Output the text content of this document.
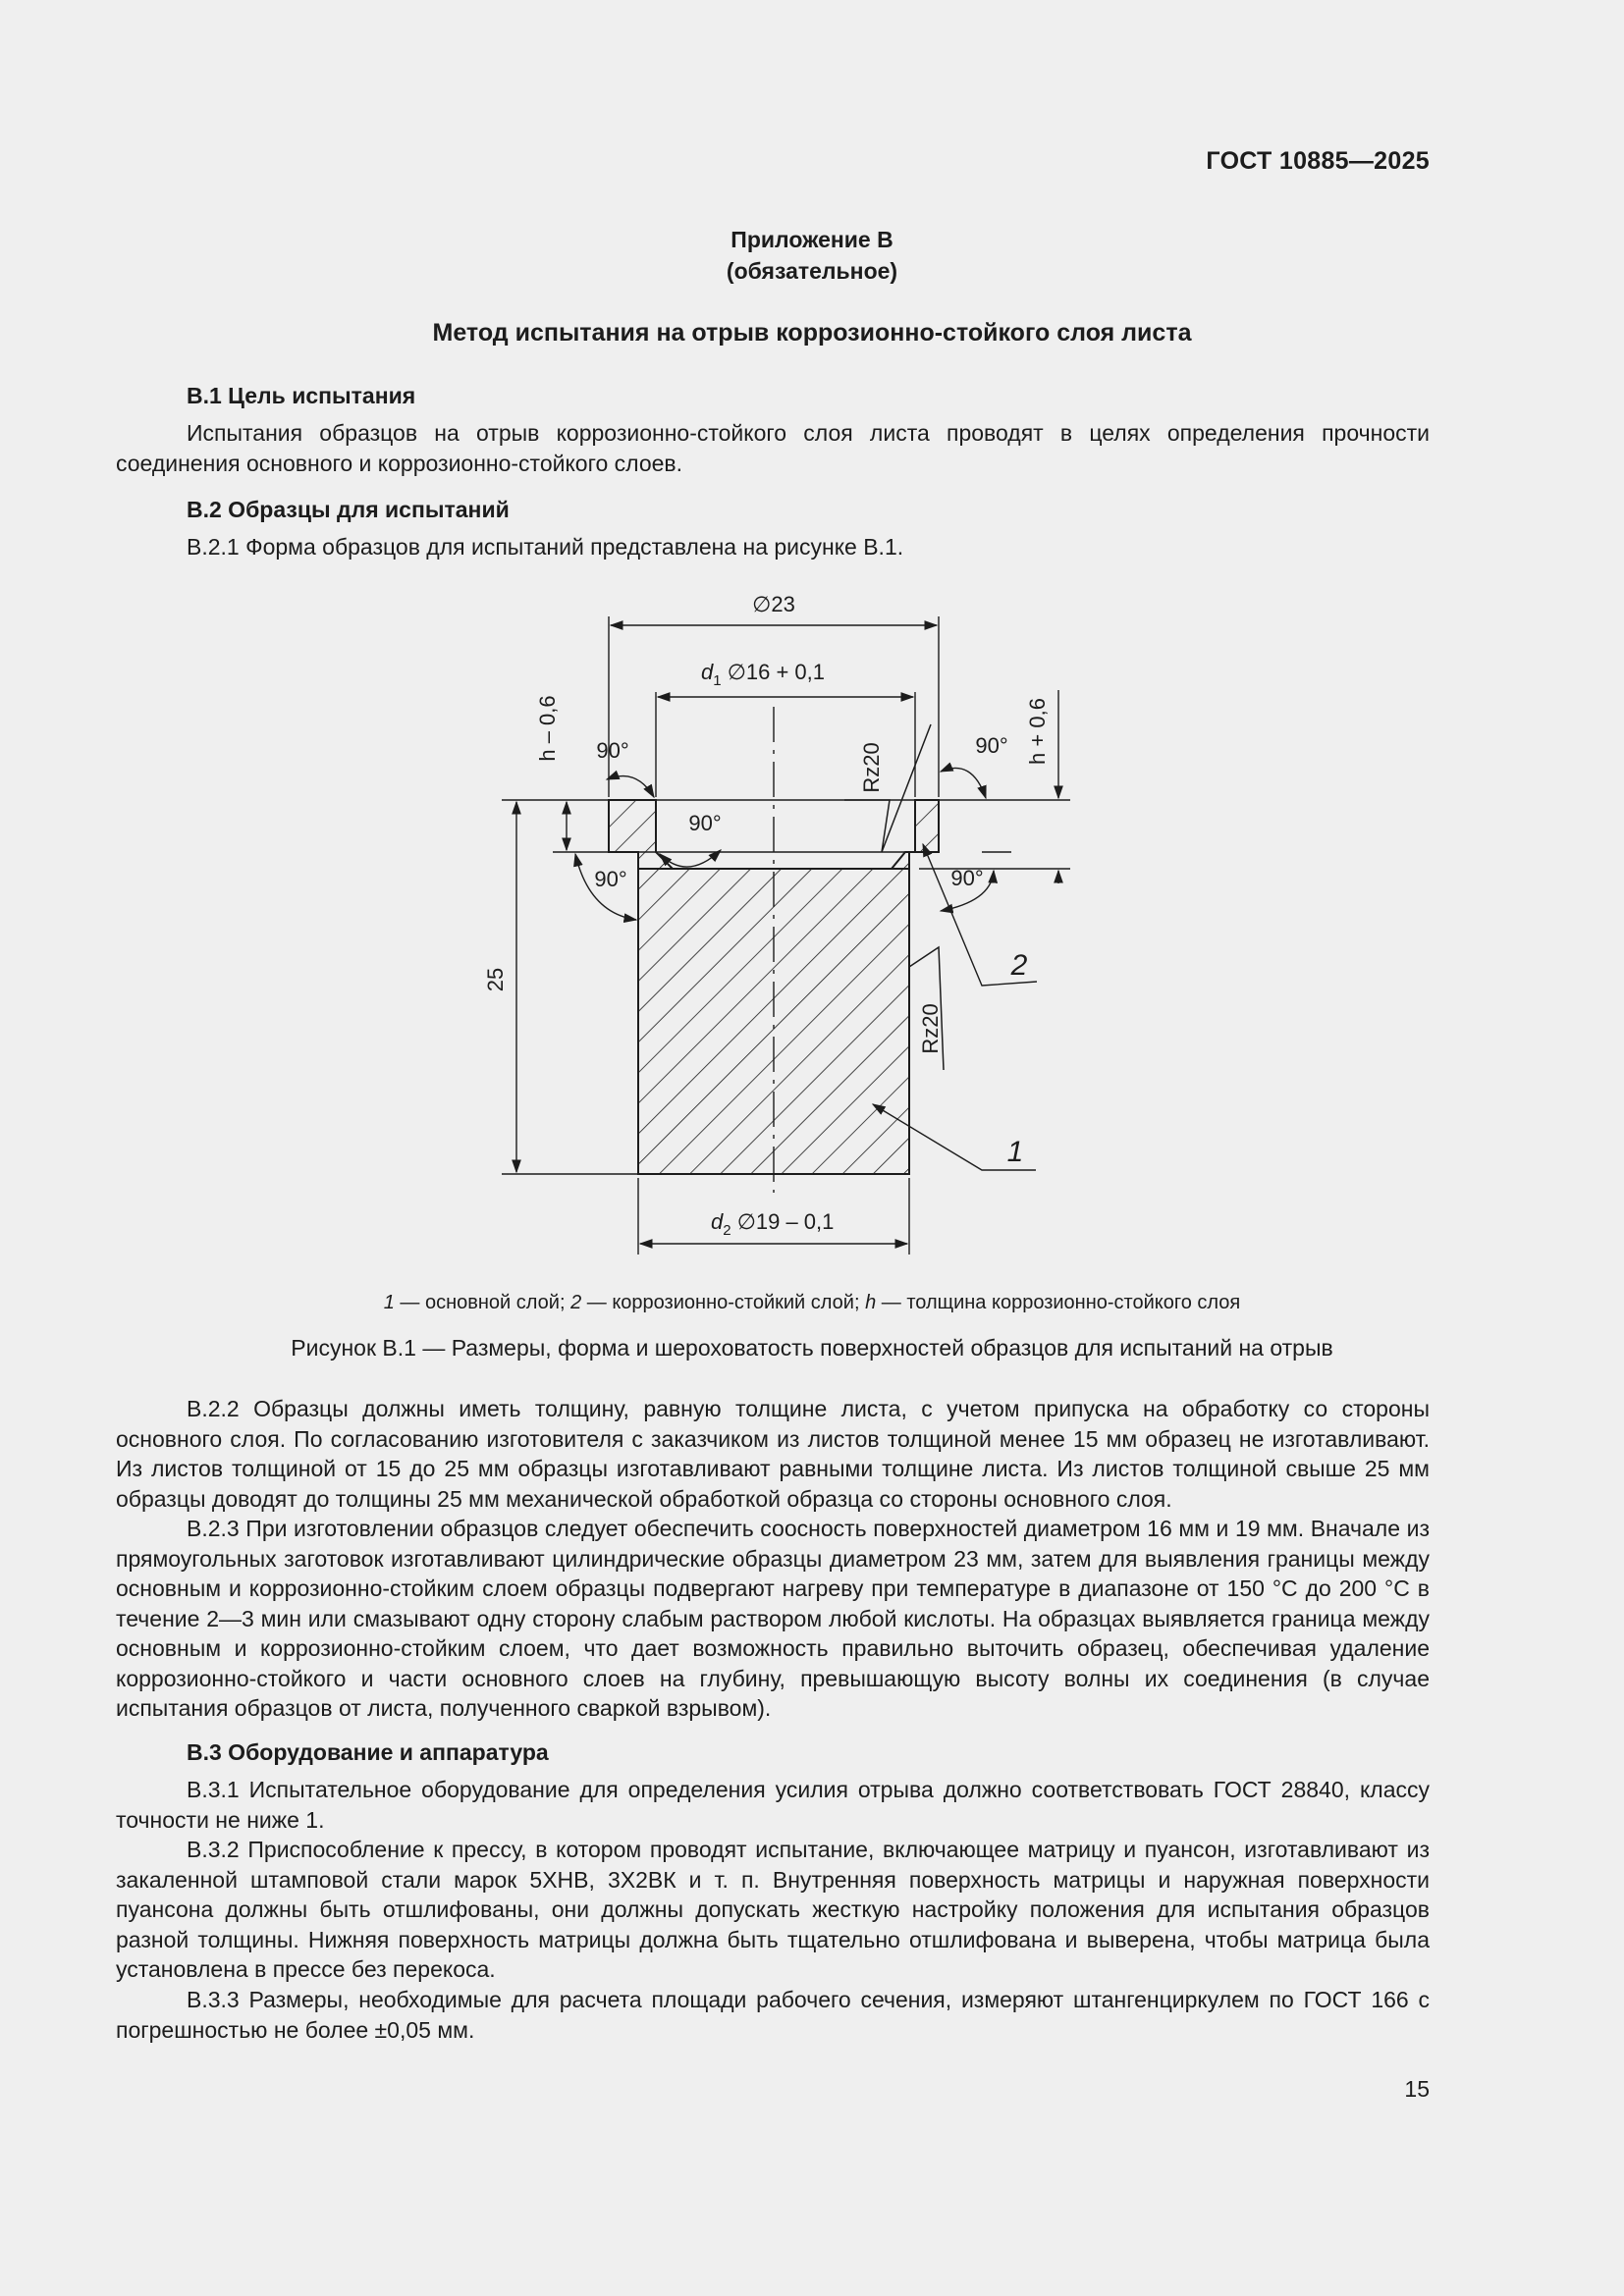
ГОСТ 10885—2025
Приложение В
(обязательное)
Метод испытания на отрыв коррозионно-стойкого слоя листа
В.1 Цель испытания
Испытания образцов на отрыв коррозионно-стойкого слоя листа проводят в целях определения прочности соединения основного и коррозионно-стойкого слоев.
В.2 Образцы для испытаний
В.2.1 Форма образцов для испытаний представлена на рисунке В.1.
∅23
$d_1$ ∅16 + 0,1
$d_2$ ∅19 – 0,1
h – 0,6	h + 0,6
25
90°
90°
90°
90°
90°
Rz20
Rz20
2
1
1 — основной слой; 2 — коррозионно-стойкий слой; h — толщина коррозионно-стойкого слоя
Рисунок В.1 — Размеры, форма и шероховатость поверхностей образцов для испытаний на отрыв
В.2.2 Образцы должны иметь толщину, равную толщине листа, с учетом припуска на обработку со стороны основного слоя. По согласованию изготовителя с заказчиком из листов толщиной менее 15 мм образец не изготавливают. Из листов толщиной от 15 до 25 мм образцы изготавливают равными толщине листа. Из листов толщиной свыше 25 мм образцы доводят до толщины 25 мм механической обработкой образца со стороны основного слоя.
В.2.3 При изготовлении образцов следует обеспечить соосность поверхностей диаметром 16 мм и 19 мм. Вначале из прямоугольных заготовок изготавливают цилиндрические образцы диаметром 23 мм, затем для выявления границы между основным и коррозионно-стойким слоем образцы подвергают нагреву при температуре в диапазоне от 150 °С до 200 °С в течение 2—3 мин или смазывают одну сторону слабым раствором любой кислоты. На образцах выявляется граница между основным и коррозионно-стойким слоем, что дает возможность правильно выточить образец, обеспечивая удаление коррозионно-стойкого и части основного слоев на глубину, превышающую высоту волны их соединения (в случае испытания образцов от листа, полученного сваркой взрывом).
В.3 Оборудование и аппаратура
В.3.1 Испытательное оборудование для определения усилия отрыва должно соответствовать ГОСТ 28840, классу точности не ниже 1.
В.3.2 Приспособление к прессу, в котором проводят испытание, включающее матрицу и пуансон, изготавливают из закаленной штамповой стали марок 5ХНВ, 3Х2ВК и т. п. Внутренняя поверхность матрицы и наружная поверхности пуансона должны быть отшлифованы, они должны допускать жесткую настройку положения для испытания образцов разной толщины. Нижняя поверхность матрицы должна быть тщательно отшлифована и выверена, чтобы матрица была установлена в прессе без перекоса.
В.3.3 Размеры, необходимые для расчета площади рабочего сечения, измеряют штангенциркулем по ГОСТ 166 с погрешностью не более ±0,05 мм.
15
